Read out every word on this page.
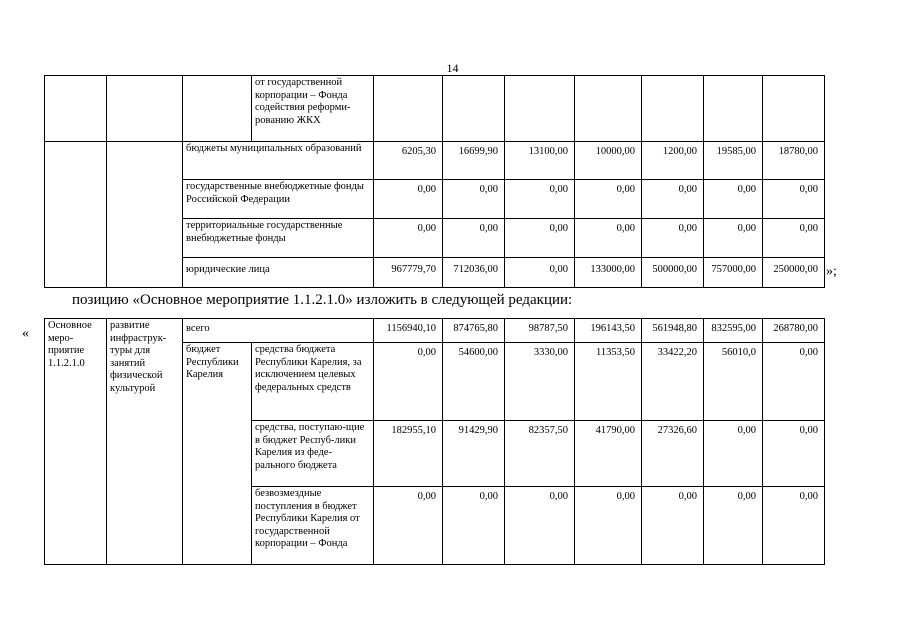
14
			от государственной корпорации – Фонда содействия реформи-рованию ЖКХ							
		бюджеты муниципальных образований		6205,30	16699,90	13100,00	10000,00	1200,00	19585,00	18780,00
		государственные внебюджетные фонды Российской Федерации		0,00	0,00	0,00	0,00	0,00	0,00	0,00
		территориальные государственные внебюджетные фонды		0,00	0,00	0,00	0,00	0,00	0,00	0,00
		юридические лица		967779,70	712036,00	0,00	133000,00	500000,00	757000,00	250000,00 »;
позицию «Основное мероприятие 1.1.2.1.0» изложить в следующей редакции:
«
Основное меро-приятие 1.1.2.1.0	развитие инфраструк-туры для занятий физической культурой	всего		1156940,10	874765,80	98787,50	196143,50	561948,80	832595,00	268780,00
		бюджет Республики Карелия	средства бюджета Республики Карелия, за исключением целевых федеральных средств	0,00	54600,00	3330,00	11353,50	33422,20	56010,0	0,00
			средства, поступаю-щие в бюджет Респуб-лики Карелия из феде-рального бюджета	182955,10	91429,90	82357,50	41790,00	27326,60	0,00	0,00
			безвозмездные поступления в бюджет Республики Карелия от государственной корпорации – Фонда	0,00	0,00	0,00	0,00	0,00	0,00	0,00
